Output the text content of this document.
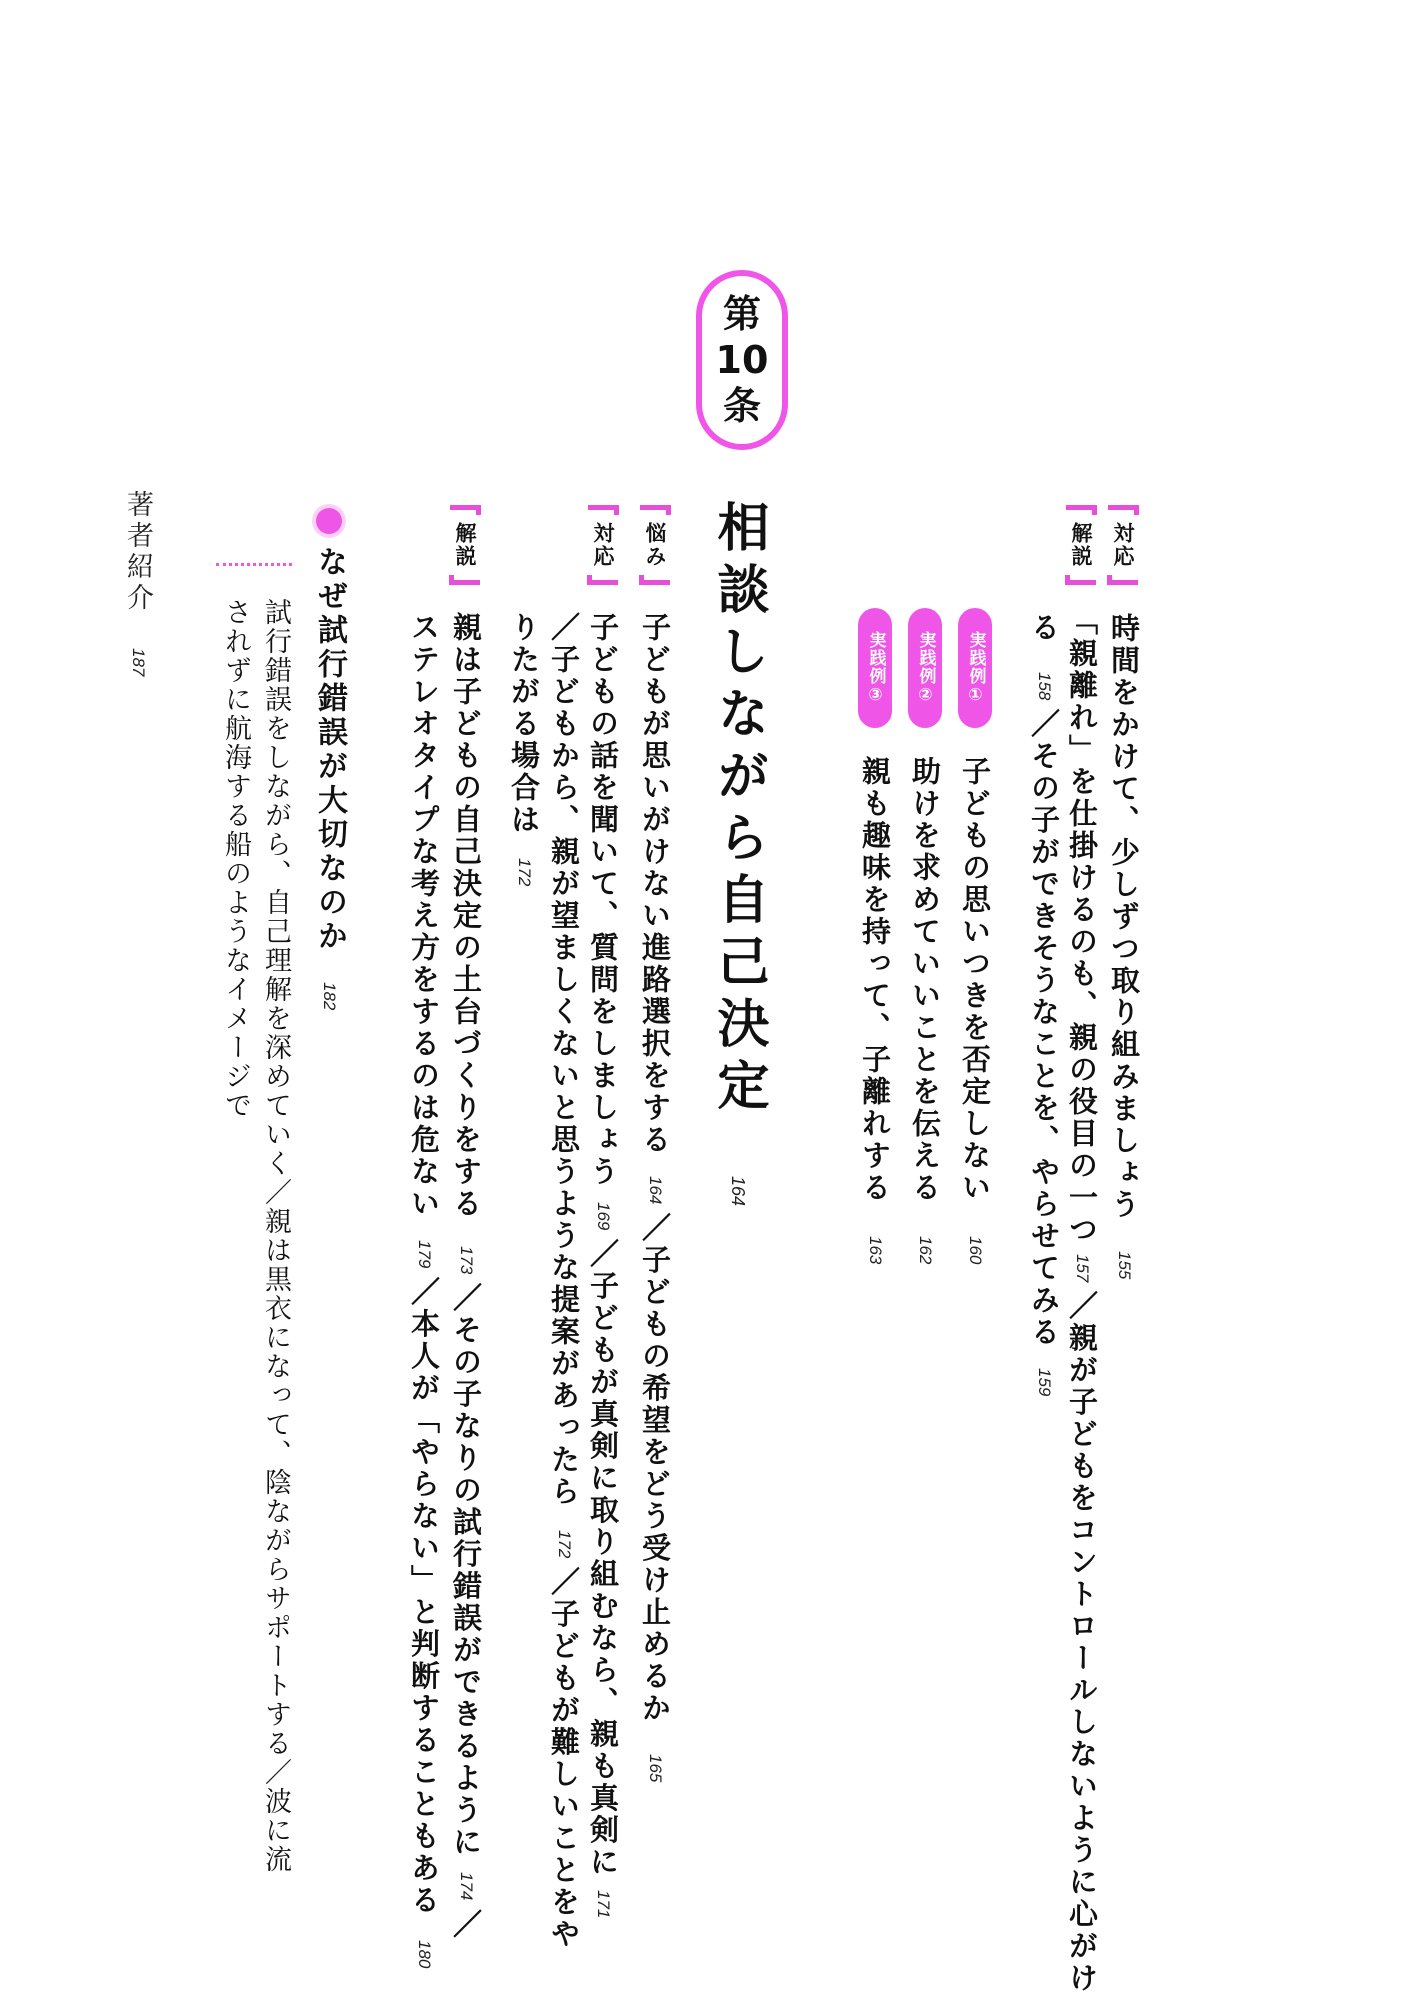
対応
解説
時間をかけて、少しずつ取り組みましょう155
「親離れ」を仕掛けるのも、親の役目の一つ157／親が子どもをコントロールしないように心がけ
る158／その子ができそうなことを、やらせてみる159
実践例①
実践例②
実践例③
子どもの思いつきを否定しない160
助けを求めていいことを伝える162
親も趣味を持って、子離れする163
第
10
条
相談しながら自己決定164
悩み
対応
解説
子どもが思いがけない進路選択をする164／子どもの希望をどう受け止めるか165
子どもの話を聞いて、質問をしましょう169／子どもが真剣に取り組むなら、親も真剣に171
／子どもから、親が望ましくないと思うような提案があったら172／子どもが難しいことをや
りたがる場合は172
親は子どもの自己決定の土台づくりをする173／その子なりの試行錯誤ができるように174／
ステレオタイプな考え方をするのは危ない179／本人が「やらない」と判断することもある180
なぜ試行錯誤が大切なのか182
試行錯誤をしながら、自己理解を深めていく／親は黒衣になって、陰ながらサポートする／波に流
されずに航海する船のようなイメージで
著者紹介
187
